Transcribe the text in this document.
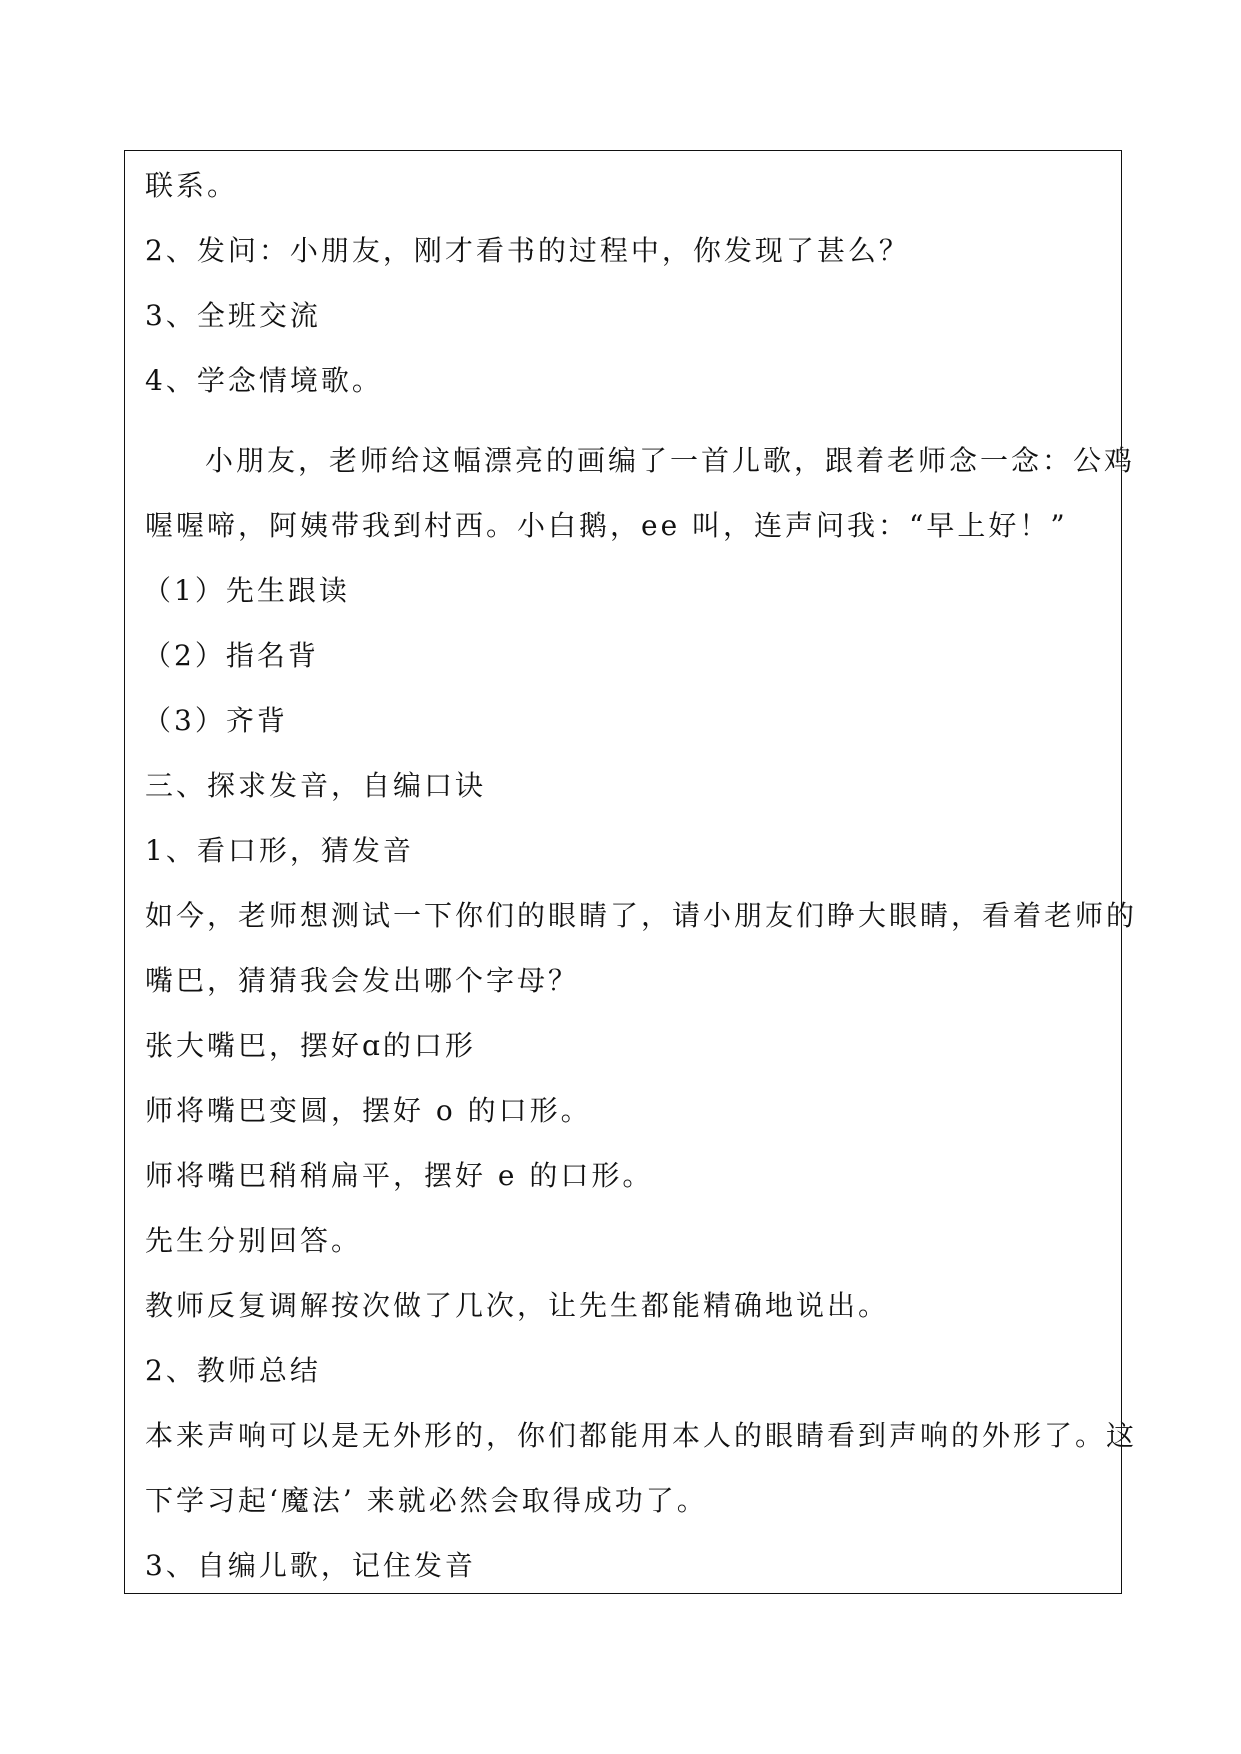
联系。
2、发问：小朋友，刚才看书的过程中，你发现了甚么？
3、全班交流
4、学念情境歌。
小朋友，老师给这幅漂亮的画编了一首儿歌，跟着老师念一念：公鸡
喔喔啼，阿姨带我到村西。小白鹅，ee 叫，连声问我：“早上好！”
（1）先生跟读
（2）指名背
（3）齐背
三、探求发音，自编口诀
1、看口形，猜发音
如今，老师想测试一下你们的眼睛了，请小朋友们睁大眼睛，看着老师的
嘴巴，猜猜我会发出哪个字母？
张大嘴巴，摆好ɑ的口形
师将嘴巴变圆，摆好 o 的口形。
师将嘴巴稍稍扁平，摆好 e 的口形。
先生分别回答。
教师反复调解按次做了几次，让先生都能精确地说出。
2、教师总结
本来声响可以是无外形的，你们都能用本人的眼睛看到声响的外形了。这
下学习起‘魔法’ 来就必然会取得成功了。
3、自编儿歌，记住发音
